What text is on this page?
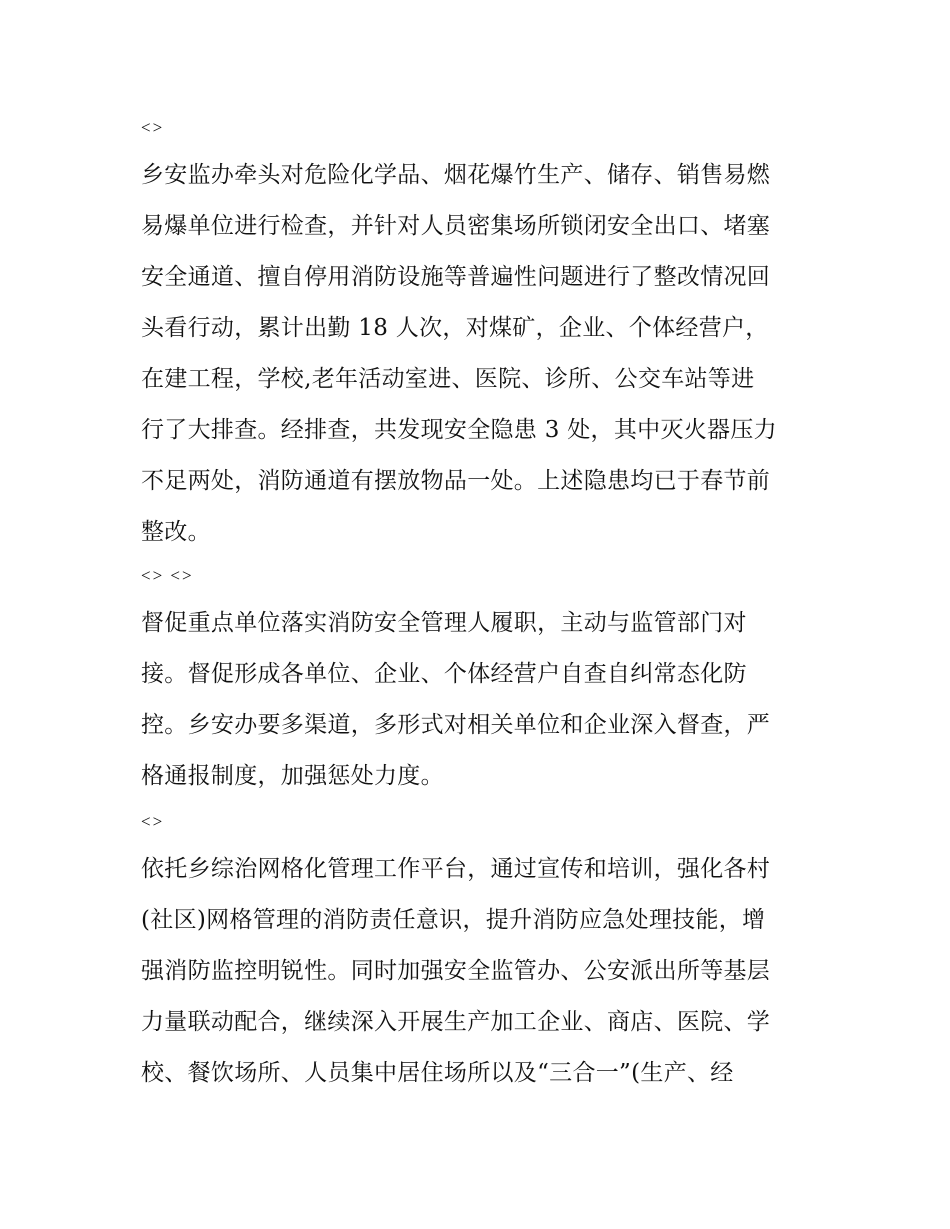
<>
乡安监办牵头对危险化学品、烟花爆竹生产、储存、销售易燃
易爆单位进行检查，并针对人员密集场所锁闭安全出口、堵塞
安全通道、擅自停用消防设施等普遍性问题进行了整改情况回
头看行动，累计出勤 18 人次，对煤矿，企业、个体经营户，
在建工程，学校,老年活动室进、医院、诊所、公交车站等进
行了大排查。经排查，共发现安全隐患 3 处，其中灭火器压力
不足两处，消防通道有摆放物品一处。上述隐患均已于春节前
整改。
<> <>
督促重点单位落实消防安全管理人履职，主动与监管部门对
接。督促形成各单位、企业、个体经营户自查自纠常态化防
控。乡安办要多渠道，多形式对相关单位和企业深入督查，严
格通报制度，加强惩处力度。
<>
依托乡综治网格化管理工作平台，通过宣传和培训，强化各村
(社区)网格管理的消防责任意识，提升消防应急处理技能，增
强消防监控明锐性。同时加强安全监管办、公安派出所等基层
力量联动配合，继续深入开展生产加工企业、商店、医院、学
校、餐饮场所、人员集中居住场所以及“三合一”(生产、经
